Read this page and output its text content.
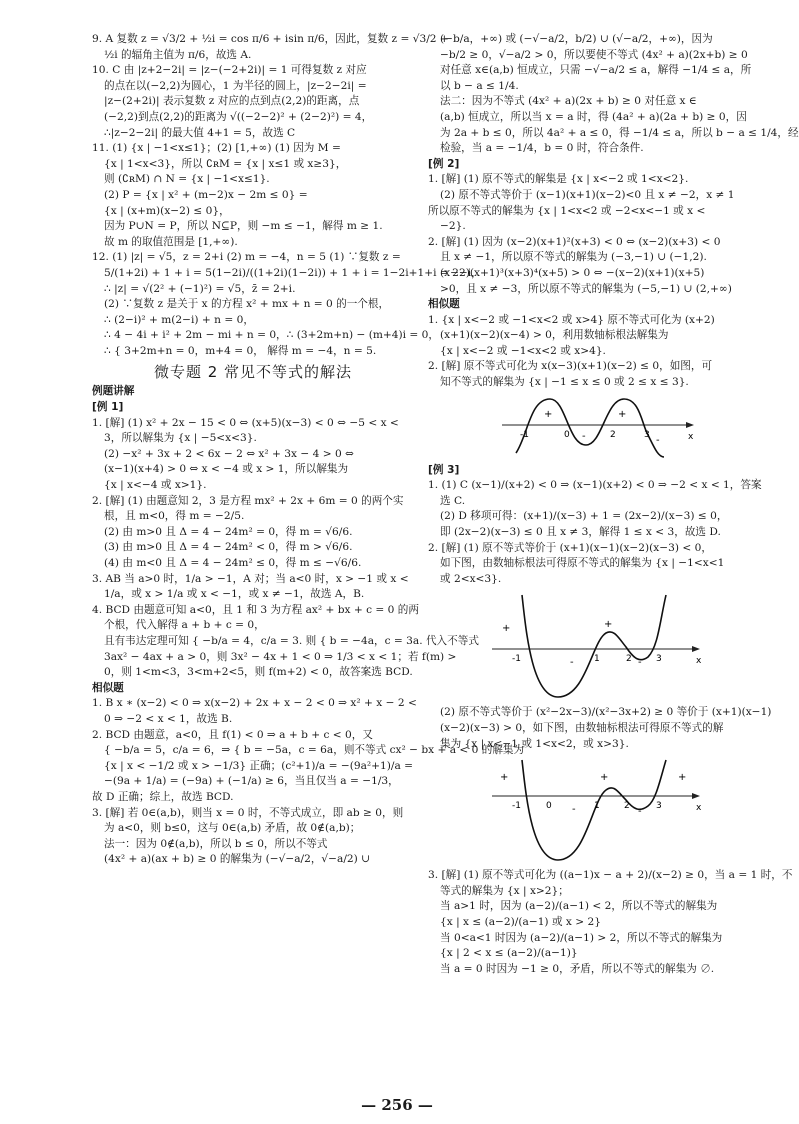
9. A 复数 z = √3/2 + ½i = cos π/6 + isin π/6，因此，复数 z = √3/2 +
½i 的辐角主值为 π/6，故选 A.
10. C 由 |z+2−2i| = |z−(−2+2i)| = 1 可得复数 z 对应
的点在以(−2,2)为圆心，1 为半径的圆上，|z−2−2i| =
|z−(2+2i)| 表示复数 z 对应的点到点(2,2)的距离，点
(−2,2)到点(2,2)的距离为 √((−2−2)² + (2−2)²) = 4，
∴|z−2−2i| 的最大值 4+1 = 5，故选 C
11. (1) {x | −1<x≤1}；(2) [1,+∞) (1) 因为 M =
{x | 1<x<3}，所以 ∁ʀM = {x | x≤1 或 x≥3}，
则 (∁ʀM) ∩ N = {x | −1<x≤1}.
(2) P = {x | x² + (m−2)x − 2m ≤ 0} =
{x | (x+m)(x−2) ≤ 0}，
因为 P∪N = P，所以 N⊆P，则 −m ≤ −1，解得 m ≥ 1.
故 m 的取值范围是 [1,+∞).
12. (1) |z| = √5，z = 2+i (2) m = −4，n = 5 (1) ∵复数 z =
5/(1+2i) + 1 + i = 5(1−2i)/((1+2i)(1−2i)) + 1 + i = 1−2i+1+i = 2−i，
∴ |z| = √(2² + (−1)²) = √5，z̄ = 2+i.
(2) ∵复数 z 是关于 x 的方程 x² + mx + n = 0 的一个根，
∴ (2−i)² + m(2−i) + n = 0，
∴ 4 − 4i + i² + 2m − mi + n = 0，∴ (3+2m+n) − (m+4)i = 0，
∴ { 3+2m+n = 0，m+4 = 0， 解得 m = −4，n = 5.
微专题 2 常见不等式的解法
例题讲解
[例 1]
1. [解] (1) x² + 2x − 15 < 0 ⇔ (x+5)(x−3) < 0 ⇔ −5 < x <
3，所以解集为 {x | −5<x<3}.
(2) −x² + 3x + 2 < 6x − 2 ⇔ x² + 3x − 4 > 0 ⇔
(x−1)(x+4) > 0 ⇔ x < −4 或 x > 1，所以解集为
{x | x<−4 或 x>1}.
2. [解] (1) 由题意知 2，3 是方程 mx² + 2x + 6m = 0 的两个实
根，且 m<0，得 m = −2/5.
(2) 由 m>0 且 Δ = 4 − 24m² = 0，得 m = √6/6.
(3) 由 m>0 且 Δ = 4 − 24m² < 0，得 m > √6/6.
(4) 由 m<0 且 Δ = 4 − 24m² ≤ 0，得 m ≤ −√6/6.
3. AB 当 a>0 时，1/a > −1，A 对；当 a<0 时，x > −1 或 x <
1/a，或 x > 1/a 或 x < −1，或 x ≠ −1，故选 A，B.
4. BCD 由题意可知 a<0，且 1 和 3 为方程 ax² + bx + c = 0 的两
个根，代入解得 a + b + c = 0，
且有韦达定理可知 { −b/a = 4，c/a = 3. 则 { b = −4a，c = 3a. 代入不等式
3ax² − 4ax + a > 0，则 3x² − 4x + 1 < 0 ⇒ 1/3 < x < 1；若 f(m) >
0，则 1<m<3，3<m+2<5，则 f(m+2) < 0，故答案选 BCD.
相似题
1. B x ∗ (x−2) < 0 ⇒ x(x−2) + 2x + x − 2 < 0 ⇒ x² + x − 2 <
0 ⇒ −2 < x < 1，故选 B.
2. BCD 由题意，a<0，且 f(1) < 0 ⇒ a + b + c < 0，又
{ −b/a = 5，c/a = 6，⇒ { b = −5a，c = 6a，则不等式 cx² − bx + a < 0 的解集为
{x | x < −1/2 或 x > −1/3} 正确；(c²+1)/a = −(9a²+1)/a =
−(9a + 1/a) = (−9a) + (−1/a) ≥ 6，当且仅当 a = −1/3，
故 D 正确；综上，故选 BCD.
3. [解] 若 0∈(a,b)，则当 x = 0 时，不等式成立，即 ab ≥ 0，则
为 a<0，则 b≤0，这与 0∈(a,b) 矛盾，故 0∉(a,b)；
法一：因为 0∉(a,b)，所以 b ≤ 0，所以不等式
(4x² + a)(ax + b) ≥ 0 的解集为 (−√−a/2，√−a/2) ∪
(−b/a，+∞) 或 (−√−a/2，b/2) ∪ (√−a/2，+∞)，因为
−b/2 ≥ 0，√−a/2 > 0，所以要使不等式 (4x² + a)(2x+b) ≥ 0
对任意 x∈(a,b) 恒成立，只需 −√−a/2 ≤ a，解得 −1/4 ≤ a，所
以 b − a ≤ 1/4.
法二：因为不等式 (4x² + a)(2x + b) ≥ 0 对任意 x ∈
(a,b) 恒成立，所以当 x = a 时，得 (4a² + a)(2a + b) ≥ 0，因
为 2a + b ≤ 0，所以 4a² + a ≤ 0，得 −1/4 ≤ a，所以 b − a ≤ 1/4，经
检验，当 a = −1/4，b = 0 时，符合条件.
[例 2]
1. [解] (1) 原不等式的解集是 {x | x<−2 或 1<x<2}.
(2) 原不等式等价于 (x−1)(x+1)(x−2)<0 且 x ≠ −2，x ≠ 1
所以原不等式的解集为 {x | 1<x<2 或 −2<x<−1 或 x <
−2}.
2. [解] (1) 因为 (x−2)(x+1)²(x+3) < 0 ⇔ (x−2)(x+3) < 0
且 x ≠ −1，所以原不等式的解集为 (−3,−1) ∪ (−1,2).
(x−2)(x+1)³(x+3)⁴(x+5) > 0 ⇔ −(x−2)(x+1)(x+5)
>0，且 x ≠ −3，所以原不等式的解集为 (−5,−1) ∪ (2,+∞)
相似题
1. {x | x<−2 或 −1<x<2 或 x>4} 原不等式可化为 (x+2)
(x+1)(x−2)(x−4) > 0，利用数轴标根法解集为
{x | x<−2 或 −1<x<2 或 x>4}.
2. [解] 原不等式可化为 x(x−3)(x+1)(x−2) ≤ 0，如图，可
知不等式的解集为 {x | −1 ≤ x ≤ 0 或 2 ≤ x ≤ 3}.
-1	0	2	3	x
+	+
-	-
[例 3]
1. (1) C (x−1)/(x+2) < 0 ⇒ (x−1)(x+2) < 0 ⇒ −2 < x < 1，答案
选 C.
(2) D 移项可得：(x+1)/(x−3) + 1 = (2x−2)/(x−3) ≤ 0，
即 (2x−2)(x−3) ≤ 0 且 x ≠ 3，解得 1 ≤ x < 3，故选 D.
2. [解] (1) 原不等式等价于 (x+1)(x−1)(x−2)(x−3) < 0，
如下图，由数轴标根法可得原不等式的解集为 {x | −1<x<1
或 2<x<3}.
-1	1	2	3	x
+	+
-	-
(2) 原不等式等价于 (x²−2x−3)/(x²−3x+2) ≥ 0 等价于 (x+1)(x−1)
(x−2)(x−3) > 0，如下图，由数轴标根法可得原不等式的解
集为 {x | x<−1 或 1<x<2，或 x>3}.
-1	0	1	2	3	x
+	+	+
-	-
3. [解] (1) 原不等式可化为 ((a−1)x − a + 2)/(x−2) ≥ 0，当 a = 1 时，不
等式的解集为 {x | x>2}；
当 a>1 时，因为 (a−2)/(a−1) < 2，所以不等式的解集为
{x | x ≤ (a−2)/(a−1) 或 x > 2}
当 0<a<1 时因为 (a−2)/(a−1) > 2，所以不等式的解集为
{x | 2 < x ≤ (a−2)/(a−1)}
当 a = 0 时因为 −1 ≥ 0，矛盾，所以不等式的解集为 ∅.
— 256 —
